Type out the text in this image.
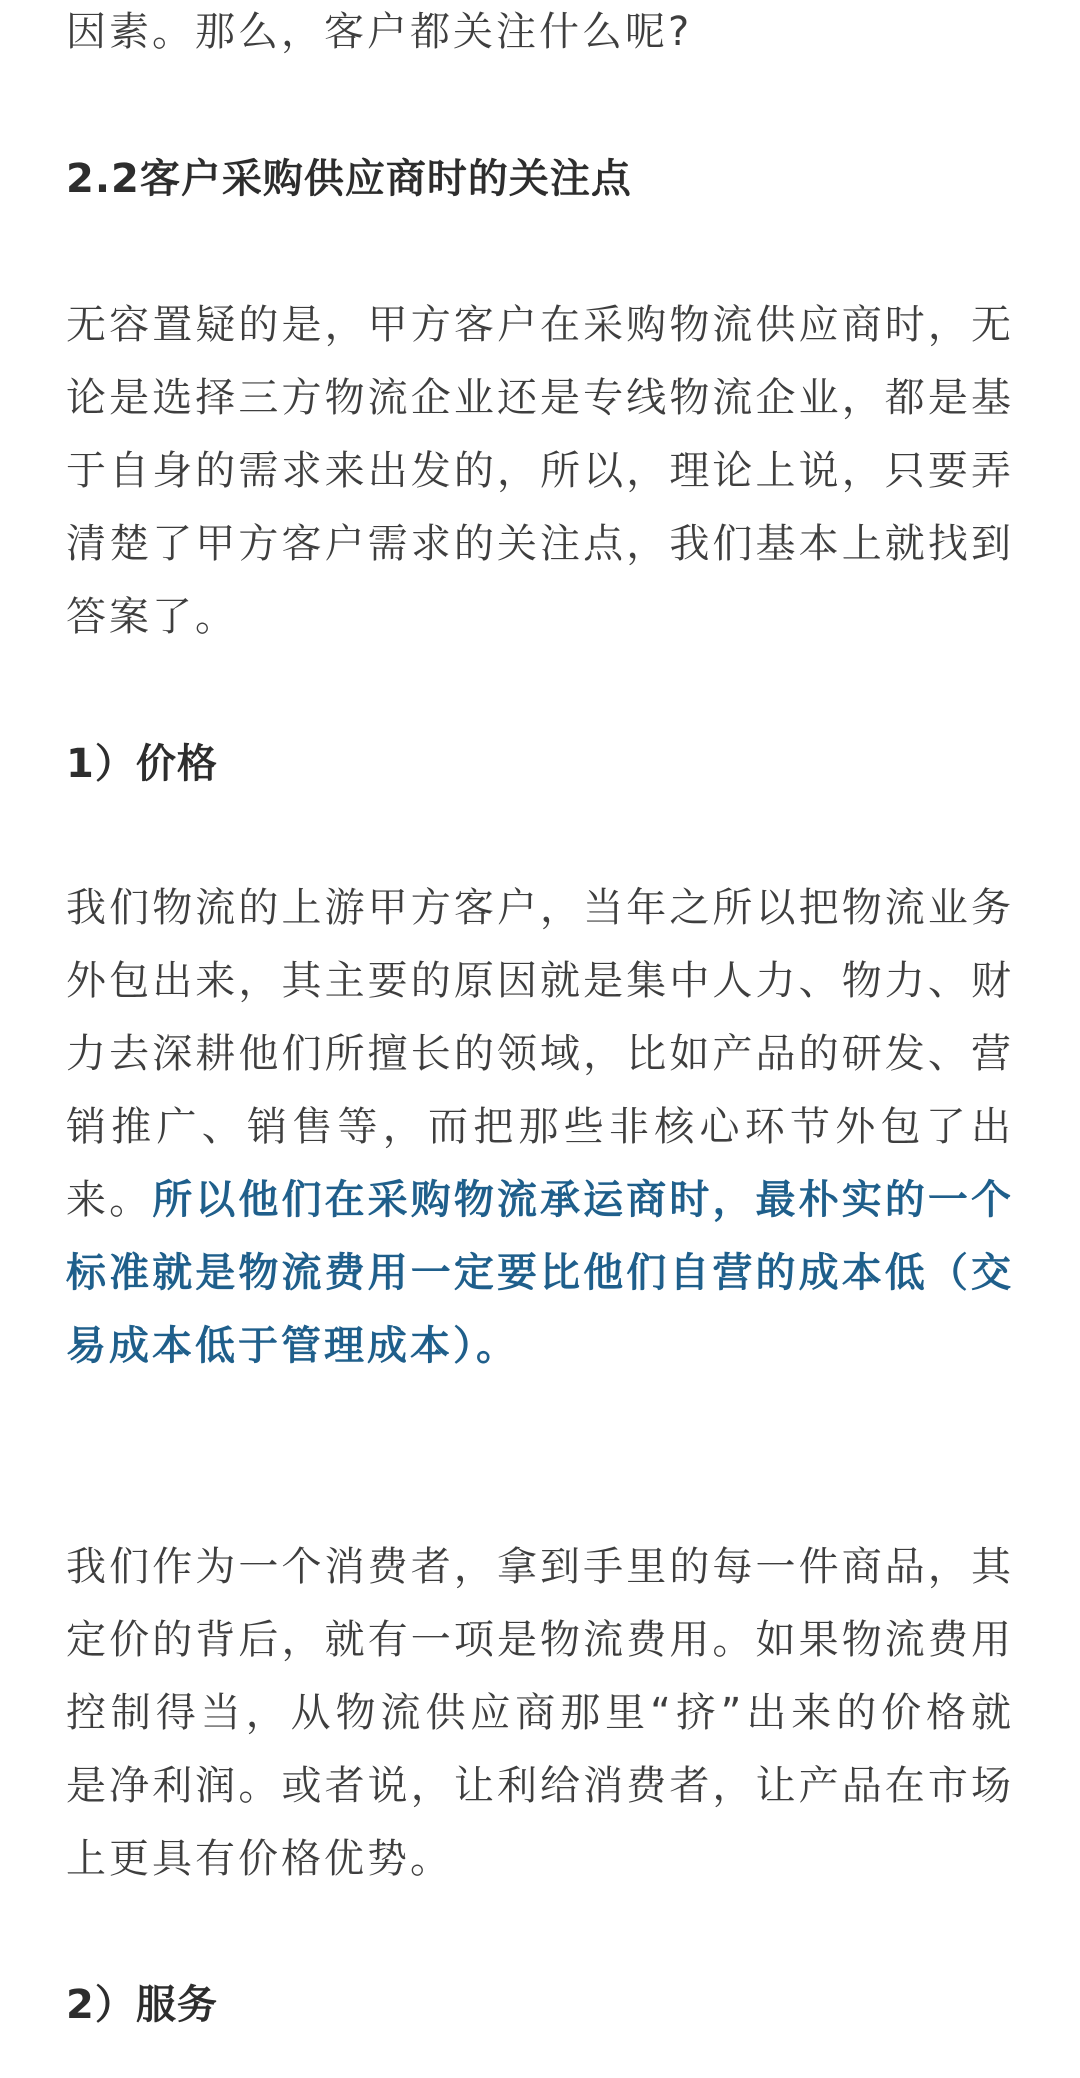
因素。那么，客户都关注什么呢?

2.2客户采购供应商时的关注点

无容置疑的是，甲方客户在采购物流供应商时，无论是选择三方物流企业还是专线物流企业，都是基于自身的需求来出发的，所以，理论上说，只要弄清楚了甲方客户需求的关注点，我们基本上就找到答案了。

1）价格

我们物流的上游甲方客户，当年之所以把物流业务外包出来，其主要的原因就是集中人力、物力、财力去深耕他们所擅长的领域，比如产品的研发、营销推广、销售等，而把那些非核心环节外包了出来。所以他们在采购物流承运商时，最朴实的一个标准就是物流费用一定要比他们自营的成本低（交易成本低于管理成本）。

我们作为一个消费者，拿到手里的每一件商品，其定价的背后，就有一项是物流费用。如果物流费用控制得当，从物流供应商那里“挤”出来的价格就是净利润。或者说，让利给消费者，让产品在市场上更具有价格优势。

2）服务
